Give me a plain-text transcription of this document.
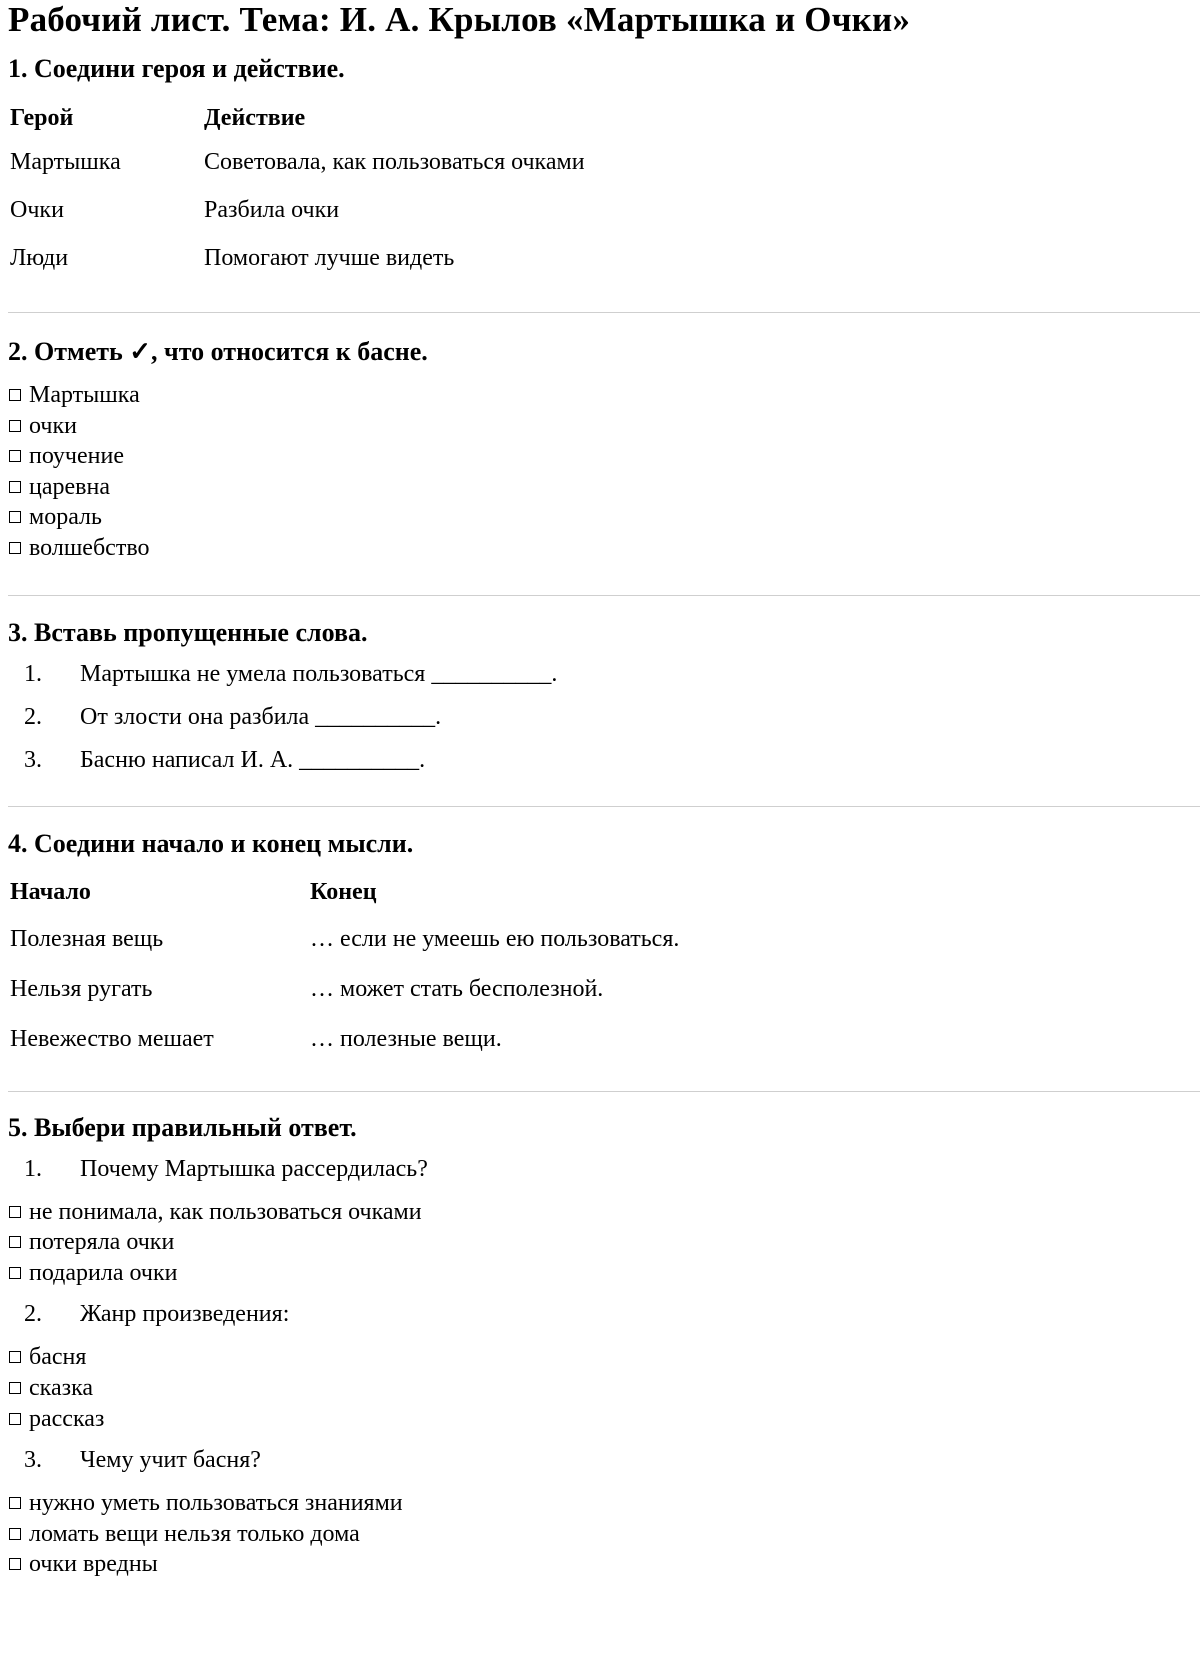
Рабочий лист. Тема: И. А. Крылов «Мартышка и Очки»
1. Соедини героя и действие.
Герой	Действие
Мартышка	Советовала, как пользоваться очками
Очки	Разбила очки
Люди	Помогают лучше видеть
2. Отметь ✓, что относится к басне.
Мартышка
очки
поучение
царевна
мораль
волшебство
3. Вставь пропущенные слова.
1. Мартышка не умела пользоваться __________.
2. От злости она разбила __________.
3. Басню написал И. А. __________.
4. Соедини начало и конец мысли.
Начало	Конец
Полезная вещь	… если не умеешь ею пользоваться.
Нельзя ругать	… может стать бесполезной.
Невежество мешает	… полезные вещи.
5. Выбери правильный ответ.
1. Почему Мартышка рассердилась?
не понимала, как пользоваться очками
потеряла очки
подарила очки
2. Жанр произведения:
басня
сказка
рассказ
3. Чему учит басня?
нужно уметь пользоваться знаниями
ломать вещи нельзя только дома
очки вредны
